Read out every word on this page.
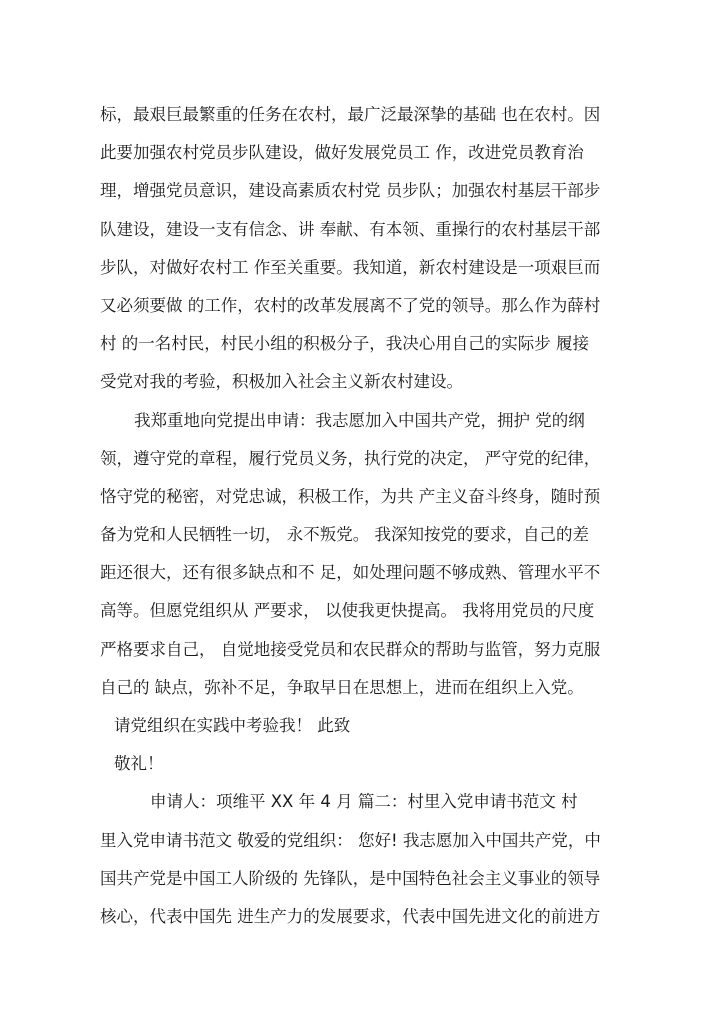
标，最艰巨最繁重的任务在农村，最广泛最深挚的基础 也在农村。因
此要加强农村党员步队建设，做好发展党员工 作，改进党员教育治
理，增强党员意识，建设高素质农村党 员步队；加强农村基层干部步
队建设，建设一支有信念、讲 奉献、有本领、重操行的农村基层干部
步队，对做好农村工 作至关重要。我知道，新农村建设是一项艰巨而
又必须要做 的工作，农村的改革发展离不了党的领导。那么作为薛村
村 的一名村民，村民小组的积极分子，我决心用自己的实际步 履接
受党对我的考验，积极加入社会主义新农村建设。
我郑重地向党提出申请：我志愿加入中国共产党，拥护 党的纲
领，遵守党的章程，履行党员义务，执行党的决定， 严守党的纪律，
恪守党的秘密，对党忠诚，积极工作，为共 产主义奋斗终身，随时预
备为党和人民牺牲一切， 永不叛党。 我深知按党的要求，自己的差
距还很大，还有很多缺点和不 足，如处理问题不够成熟、管理水平不
高等。但愿党组织从 严要求， 以使我更快提高。 我将用党员的尺度
严格要求自己， 自觉地接受党员和农民群众的帮助与监管，努力克服
自己的 缺点，弥补不足，争取早日在思想上，进而在组织上入党。
请党组织在实践中考验我！ 此致
敬礼！
申请人：项维平 XX 年 4 月 篇二：村里入党申请书范文 村
里入党申请书范文 敬爱的党组织： 您好! 我志愿加入中国共产党，中
国共产党是中国工人阶级的 先锋队，是中国特色社会主义事业的领导
核心，代表中国先 进生产力的发展要求，代表中国先进文化的前进方
